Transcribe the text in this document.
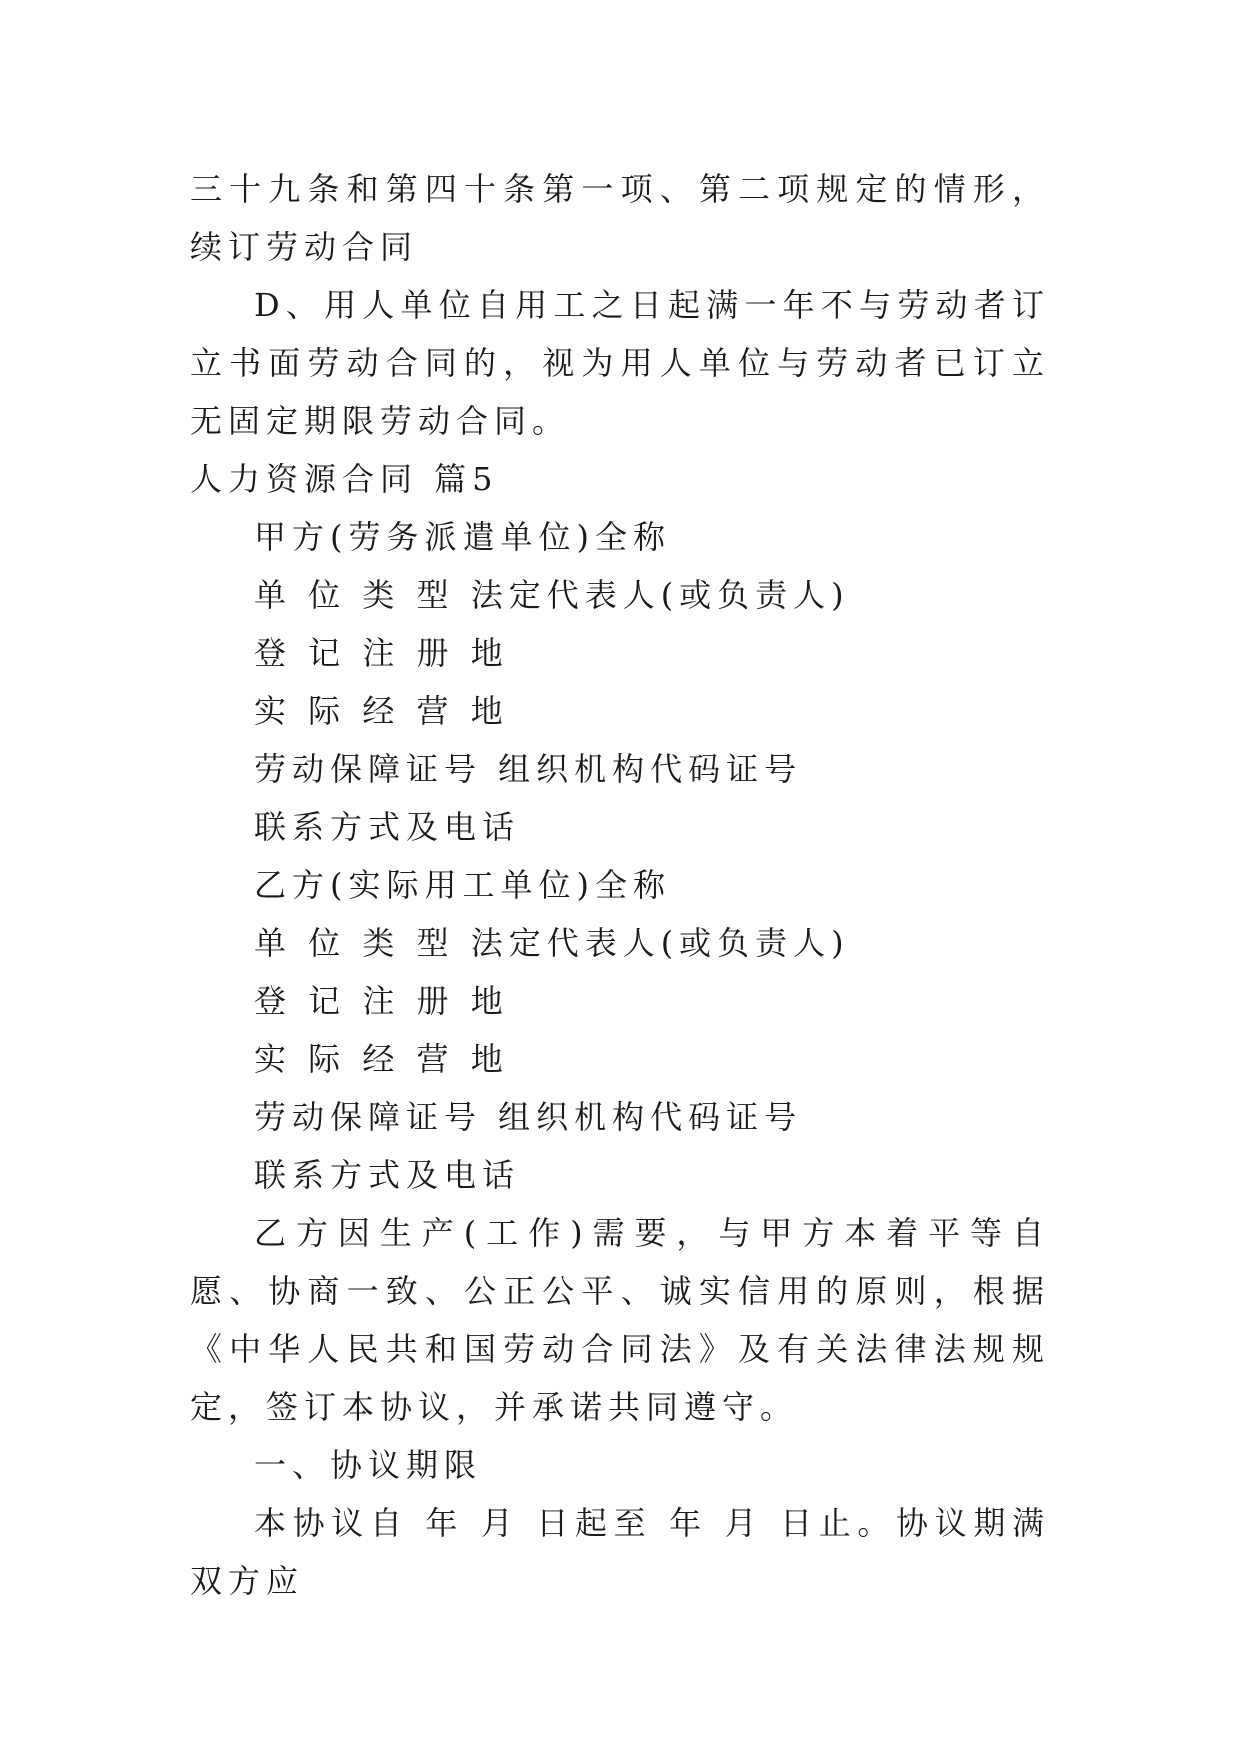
三十九条和第四十条第一项、第二项规定的情形，续订劳动合同

D、用人单位自用工之日起满一年不与劳动者订立书面劳动合同的，视为用人单位与劳动者已订立无固定期限劳动合同。

人力资源合同 篇5

甲方(劳务派遣单位)全称

单 位 类 型 法定代表人(或负责人)

登 记 注 册 地

实 际 经 营 地

劳动保障证号 组织机构代码证号

联系方式及电话

乙方(实际用工单位)全称

单 位 类 型 法定代表人(或负责人)

登 记 注 册 地

实 际 经 营 地

劳动保障证号 组织机构代码证号

联系方式及电话

乙方因生产(工作)需要，与甲方本着平等自愿、协商一致、公正公平、诚实信用的原则，根据《中华人民共和国劳动合同法》及有关法律法规规定，签订本协议，并承诺共同遵守。

一、协议期限

本协议自 年 月 日起至 年 月 日止。协议期满双方应
